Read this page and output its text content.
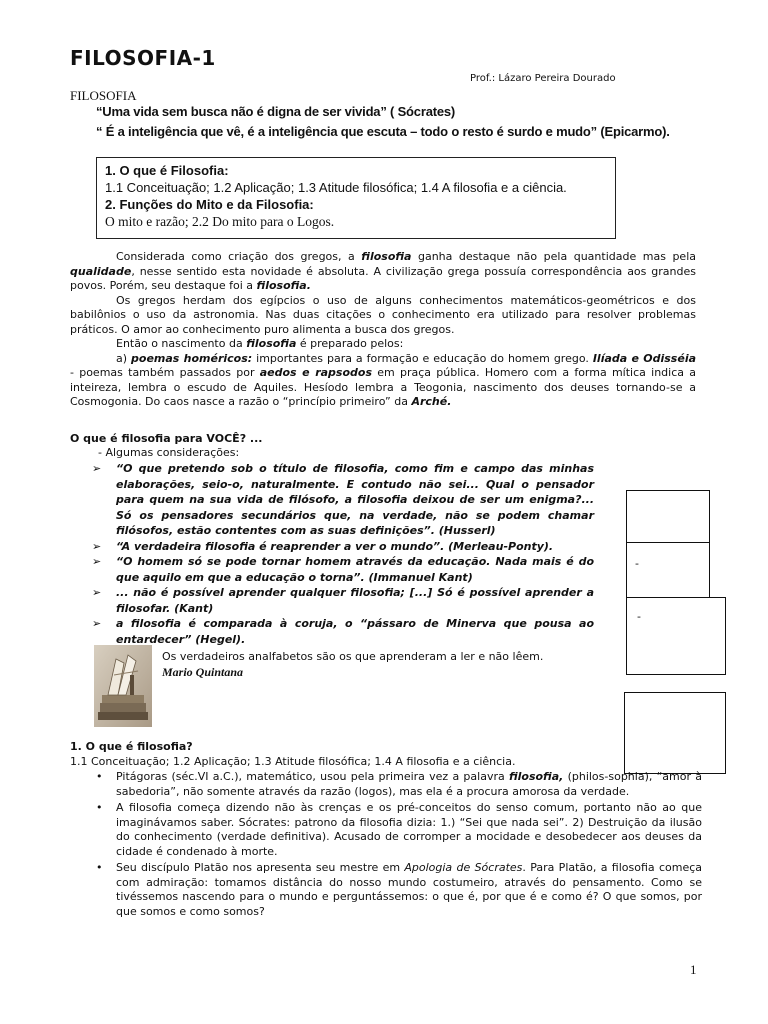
FILOSOFIA-1
Prof.: Lázaro Pereira Dourado
FILOSOFIA
“Uma vida sem busca não é digna de ser vivida” ( Sócrates)
“ É a inteligência que vê, é a inteligência que escuta – todo o resto é surdo e mudo” (Epicarmo).
1. O que é Filosofia:
1.1 Conceituação; 1.2 Aplicação; 1.3 Atitude filosófica; 1.4 A filosofia e a ciência.
2. Funções do Mito e da Filosofia:
O mito e razão; 2.2 Do mito para o Logos.

Considerada como criação dos gregos, a filosofia ganha destaque não pela quantidade mas pela qualidade, nesse sentido esta novidade é absoluta. A civilização grega possuía correspondência aos grandes povos. Porém, seu destaque foi a filosofia.

Os gregos herdam dos egípcios o uso de alguns conhecimentos matemáticos-geométricos e dos babilônios o uso da astronomia. Nas duas citações o conhecimento era utilizado para resolver problemas práticos. O amor ao conhecimento puro alimenta a busca dos gregos.

Então o nascimento da filosofia é preparado pelos:

a) poemas homéricos: importantes para a formação e educação do homem grego. Ilíada e Odisséia - poemas também passados por aedos e rapsodos em praça pública. Homero com a forma mítica indica a inteireza, lembra o escudo de Aquiles. Hesíodo lembra a Teogonia, nascimento dos deuses tornando-se a Cosmogonia. Do caos nasce a razão o “princípio primeiro” da Arché.

O que é filosofia para VOCÊ? ...
- Algumas considerações:
➢ “O que pretendo sob o título de filosofia, como fim e campo das minhas elaborações, seio-o, naturalmente. E contudo não sei... Qual o pensador para quem na sua vida de filósofo, a filosofia deixou de ser um enigma?... Só os pensadores secundários que, na verdade, não se podem chamar filósofos, estão contentes com as suas definições”. (Husserl)
➢ “A verdadeira filosofia é reaprender a ver o mundo”. (Merleau-Ponty).
➢ “O homem só se pode tornar homem através da educação. Nada mais é do que aquilo em que a educação o torna”. (Immanuel Kant)
➢ ... não é possível aprender qualquer filosofia; [...] Só é possível aprender a filosofar. (Kant)
➢ a filosofia é comparada à coruja, o “pássaro de Minerva que pousa ao entardecer” (Hegel).
-
-
Os verdadeiros analfabetos são os que aprenderam a ler e não lêem.
Mario Quintana
1. O que é filosofia?
1.1 Conceituação; 1.2 Aplicação; 1.3 Atitude filosófica; 1.4 A filosofia e a ciência.
• Pitágoras (séc.VI a.C.), matemático, usou pela primeira vez a palavra filosofia, (philos-sophia), “amor à sabedoria”, não somente através da razão (logos), mas ela é a procura amorosa da verdade.
• A filosofia começa dizendo não às crenças e os pré-conceitos do senso comum, portanto não ao que imaginávamos saber. Sócrates: patrono da filosofia dizia: 1.) “Sei que nada sei”. 2) Destruição da ilusão do conhecimento (verdade definitiva). Acusado de corromper a mocidade e desobedecer aos deuses da cidade é condenado à morte.
• Seu discípulo Platão nos apresenta seu mestre em Apologia de Sócrates. Para Platão, a filosofia começa com admiração: tomamos distância do nosso mundo costumeiro, através do pensamento. Como se tivéssemos nascendo para o mundo e perguntássemos: o que é, por que é e como é? O que somos, por que somos e como somos?
1
